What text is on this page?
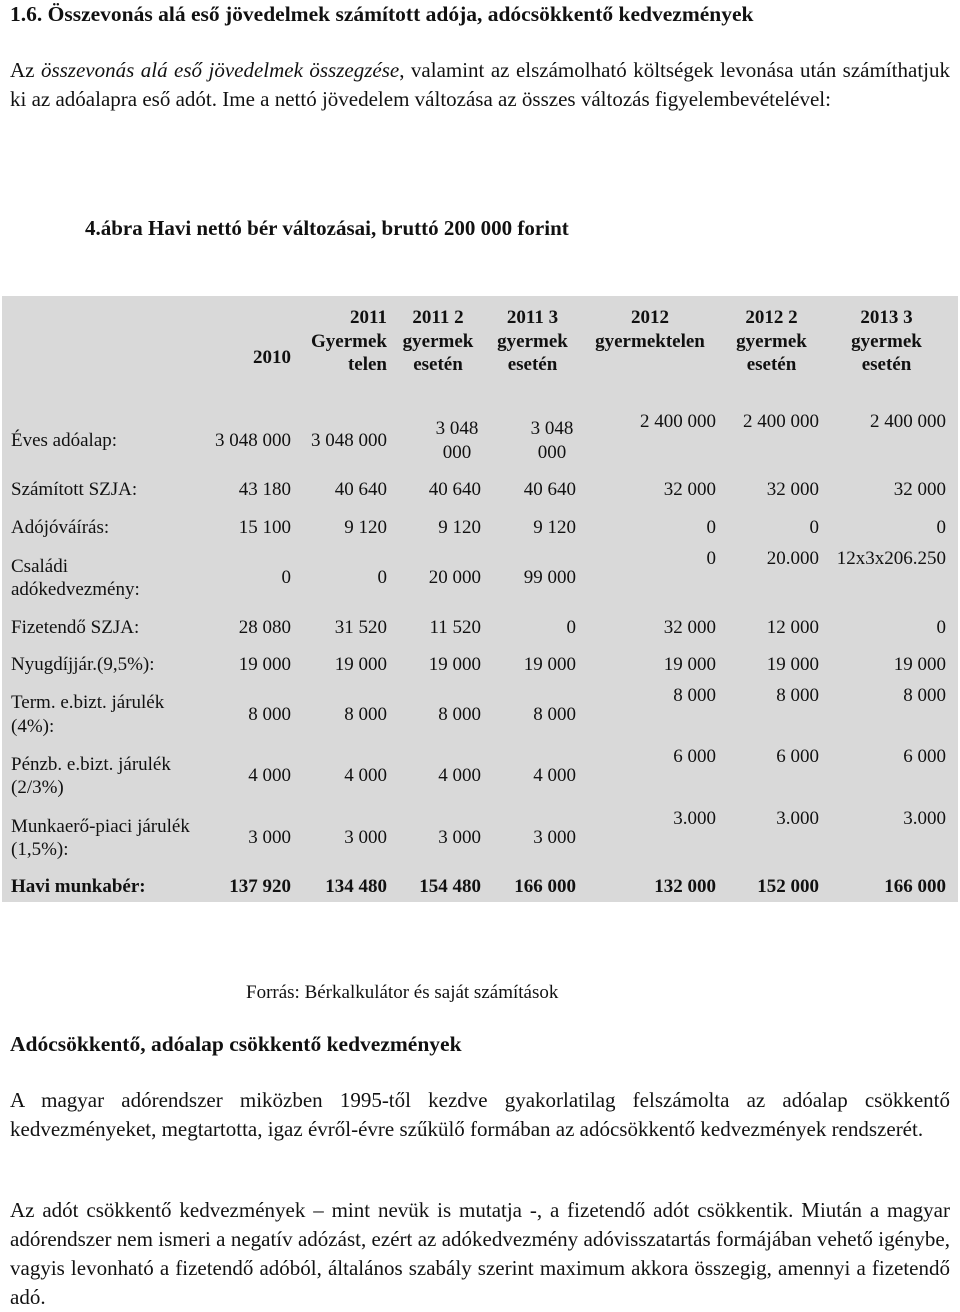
1.6. Összevonás alá eső jövedelmek számított adója, adócsökkentő kedvezmények
Az összevonás alá eső jövedelmek összegzése, valamint az elszámolható költségek levonása után számíthatjuk ki az adóalapra eső adót. Ime a nettó jövedelem változása az összes változás figyelembevételével:
4.ábra Havi nettó bér változásai, bruttó 200 000 forint
	2010	2011 Gyermek telen	2011 2 gyermek esetén	2011 3 gyermek esetén	2012 gyermektelen	2012 2 gyermek esetén	2013 3 gyermek esetén

Éves adóalap:	3 048 000	3 048 000	3 048 000	3 048 000	2 400 000	2 400 000	2 400 000
Számított SZJA:	43 180	40 640	40 640	40 640	32 000	32 000	32 000
Adójóváírás:	15 100	9 120	9 120	9 120	0	0	0
Családi adókedvezmény:	0	0	20 000	99 000	0	20.000	12x3x206.250
Fizetendő SZJA:	28 080	31 520	11 520	0	32 000	12 000	0
Nyugdíjjár.(9,5%):	19 000	19 000	19 000	19 000	19 000	19 000	19 000
Term. e.bizt. járulék (4%):	8 000	8 000	8 000	8 000	8 000	8 000	8 000
Pénzb. e.bizt. járulék (2/3%)	4 000	4 000	4 000	4 000	6 000	6 000	6 000
Munkaerő-piaci járulék (1,5%):	3 000	3 000	3 000	3 000	3.000	3.000	3.000
Havi munkabér:	137 920	134 480	154 480	166 000	132 000	152 000	166 000
Forrás: Bérkalkulátor és saját számítások
Adócsökkentő, adóalap csökkentő kedvezmények
A magyar adórendszer miközben 1995-től kezdve gyakorlatilag felszámolta az adóalap csökkentő kedvezményeket, megtartotta, igaz évről-évre szűkülő formában az adócsökkentő kedvezmények rendszerét.
Az adót csökkentő kedvezmények – mint nevük is mutatja -, a fizetendő adót csökkentik. Miután a magyar adórendszer nem ismeri a negatív adózást, ezért az adókedvezmény adóvisszatartás formájában vehető igénybe, vagyis levonható a fizetendő adóból, általános szabály szerint maximum akkora összegig, amennyi a fizetendő adó.
